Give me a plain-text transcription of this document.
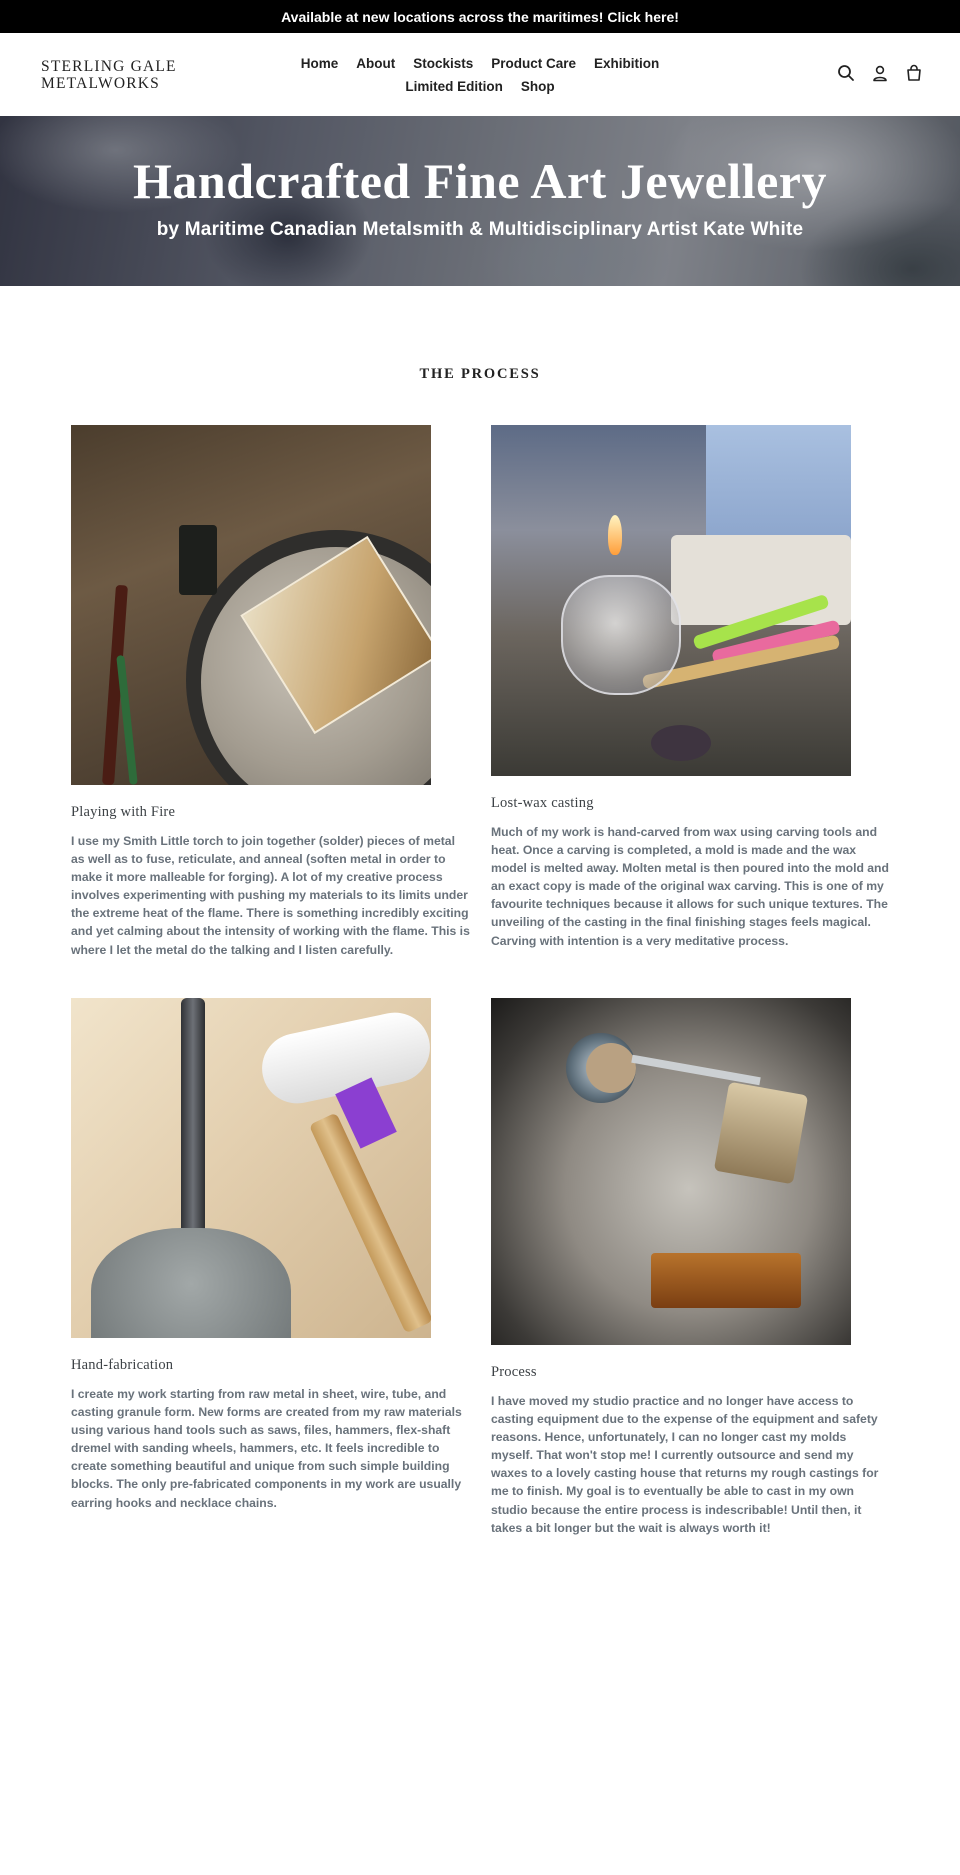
Available at new locations across the maritimes! Click here!
STERLING GALE
METALWORKS
Home	About	Stockists	Product Care	Exhibition
Limited Edition	Shop
Handcrafted Fine Art Jewellery
by Maritime Canadian Metalsmith & Multidisciplinary Artist Kate White
THE PROCESS
Playing with Fire

I use my Smith Little torch to join together (solder) pieces of metal as well as to fuse, reticulate, and anneal (soften metal in order to make it more malleable for forging). A lot of my creative process involves experimenting with pushing my materials to its limits under the extreme heat of the flame. There is something incredibly exciting and yet calming about the intensity of working with the flame. This is where I let the metal do the talking and I listen carefully.

Lost-wax casting

Much of my work is hand-carved from wax using carving tools and heat. Once a carving is completed, a mold is made and the wax model is melted away. Molten metal is then poured into the mold and an exact copy is made of the original wax carving. This is one of my favourite techniques because it allows for such unique textures. The unveiling of the casting in the final finishing stages feels magical. Carving with intention is a very meditative process.

Hand-fabrication

I create my work starting from raw metal in sheet, wire, tube, and casting granule form. New forms are created from my raw materials using various hand tools such as saws, files, hammers, flex-shaft dremel with sanding wheels, hammers, etc. It feels incredible to create something beautiful and unique from such simple building blocks. The only pre-fabricated components in my work are usually earring hooks and necklace chains.

Process

I have moved my studio practice and no longer have access to casting equipment due to the expense of the equipment and safety reasons. Hence, unfortunately, I can no longer cast my molds myself. That won't stop me! I currently outsource and send my waxes to a lovely casting house that returns my rough castings for me to finish. My goal is to eventually be able to cast in my own studio because the entire process is indescribable! Until then, it takes a bit longer but the wait is always worth it!
